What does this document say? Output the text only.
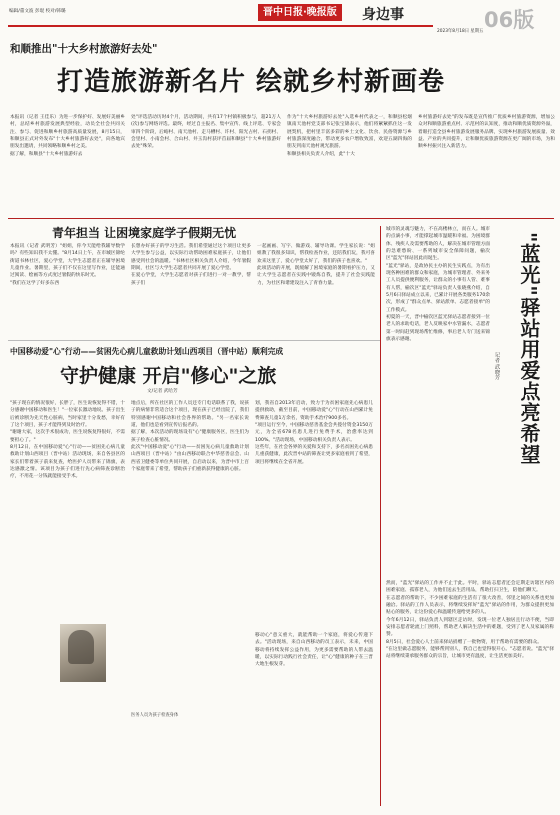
编辑/董文波 彭琨 校对/韩璐	晋中日报·晚报版	身边事	06版
2023年8月18日 星期五
和顺推出"十大乡村旅游好去处"
打造旅游新名片 绘就乡村新画卷
本报讯（记者 王佳乐）为进一步保护好、发展好美丽乡村，总结乡村旅游发展典型经验，动员全社会共同关注、参与、促进和顺乡村旅游高质量发展，8月15日，和顺县正式对外发布"十大乡村旅游好去处"，向各地宾朋发出邀请，共同领略和顺乡村之美。
据了解，和顺县"十大乡村旅游好去
处"评选活动历时4个月，活动期间，共有17个村镇积极参与，超21万人(次)参与网络评选。最终，经过自主报名、集中宣传、线上评选、专家会审四个阶段，后峪村、南天池村、走马槽村、许村、阳光占村、石拐村、会里村、小南会村、合山村、井玉沟村获评首届和顺县"十大乡村旅游好去处"殊荣。
作为"十大乡村旅游好去处"入选乡村代表之一，和顺县松烟镇南天池村党支部书记张宝锦表示，他们将紧紧抓住这一发展契机，把村里丰富多彩的乡土文化、饮食、民俗资源与乡村旅游深度融合，带动更多农户增收致富，欢迎五湖四海的朋友到南天池村观光旅游。
和顺县相关负责人介绍，此"十大
乡村旅游好去处"的发布既是宣传推广优质乡村旅游资源，增加公众对和顺旅游重点村、示范村的认知度，推动和顺优质资源外溢，着眼打造全县乡村旅游发展服务品牌，实现乡村旅游发展质量、效益、产业的共同提升，让和顺优质旅游资源在更广阔的市场，为和顺乡村振兴注入新活力。
青年担当 让困境家庭学子假期无忧
本报讯（记者 武明芳）"姐姐，你今天能给我辅导数学吗？有些知识我不太懂。"8月14日上午，在市城区锦纶街道书林社区，爱心学堂，大学生志愿者正在辅导困境儿童作业。暑期里，孩子们不仅在这里写作业，还能通过阅读、绘画等方式度过暑假的快乐时光。
"我们在这学了好多东西
长想办好孩子的学习生活。我们希望通过这个项目让更多大学生参与公益，以实际行动帮助困难家庭孩子，让他们感受到社会的温暖。"书林社区相关负责人介绍，今年暑假期间，社区与大学生志愿者共同开展了爱心学堂。
在爱心学堂，大学生志愿者对孩子们进行一对一教学，帮孩子们
一起画画、写字、做游戏、辅导功课。学生家长说："姐姐教了我很多知识，帮我检查作业，还陪我们玩，我可喜欢来这里了，爱心学堂太好了，我们的孩子也喜欢。"
此项活动的开展，既缓解了困境家庭的暑期看护压力，又让大学生志愿者在实践中锻炼自我，提升了社会实践能力，为社区和谐建设注入了青春力量。
中国移动爱"心"行动——贫困先心病儿童救助计划山西项目（晋中站）顺利完成
守护健康 开启"修心"之旅
文/记者 武哈芳
"孩子现在的情况很好，长胖了，医生说恢复得不错，十分感谢中国移动和医生！"一位家长激动地说。孩子出生后被诊断为先天性心脏病，当时家里十分发愁，幸好有了这个项目，孩子才能得到及时治疗。
"谢谢大家，这次手术很成功，医生说恢复得很好，不需要担心了。"
8月12日，在中国移动爱"心"行动——贫困先心病儿童救助计划山西项目（晋中站）活动现场，来自各县区的家长们带着孩子前来复查，给医护人员带来了锦旗，表达感激之情。该项目为孩子们进行先心病筛查诊断治疗，不用花一分钱就能接受手术。
地点后，所在社区的工作人员还专门电话联系了我，说孩子的病情非常适合这个项目，现在孩子已经出院了，我们特别感谢中国移动和社会各界的帮助。"另一名家长说道，他们也是看到宣传后报名的。
据了解，本次活动的现场设有"心"健康服务区，医生们为孩子检查心脏情况。
此次"中国移动爱"心"行动——贫困先心病儿童救助计划山西项目（晋中站）"由山西移动联合中华慈善总会、山西省卫健委等单位共同开展，自启动以来，为晋中市上百个家庭带来了希望，帮助孩子们重新获得健康的心脏。
划，我省自2013年启动，致力于为贫困家庭先心病患儿提供救助，截至目前，中国移动爱"心"行动在山西累计免费筛查儿童1万余名，资助手术治疗900多名。
"项目运行至今，中国移动慈善基金会共拨付资金3150万元，为全省678名患儿进行免费手术，治愈率达到100%。"活动现场，中国移动相关负责人表示。
这些年，在社会各界的关爱和支持下，多名贫困先心病患儿重获健康，此次晋中站的筛查让更多家庭看到了希望，项目将继续在全省开展。
移动心"意义重大，就能帮助一个家庭，将爱心传递下去。"活动现场，来自山西移动的员工表示，未来，中国移动将持续发挥公益作用，为更多需要帮助的人带去温暖，以实际行动践行社会责任，让"心"健康的种子在三晋大地生根发芽。
医务人员为孩子检查身体
城市的灵魂与魅力，不在高楼林立，而在人。城市的点滴小事，才能撑起城市温暖和幸福。为困境群体、残疾人及需要帮助的人，解决在城市管理方面的急难愁盼、一系列城市安全保障问题，榆次区"蓝光"驿站因此而诞生。
"蓝光"驿站，是政协民主办的民生实践点，为有出现各种困难的群众和家庭，为城市管理者、外来务工人员提供便利服务，让群众的小事有人管、难事有人帮，榆次区"蓝光"驿站负责人张晓燕介绍，自5月6日驿站成立以来，已累计开展各类服务170余次，形成了"群众点单、驿站派单、志愿者接单"的工作模式。
初夏的一天，晋中榆次区蓝光驿站志愿者接到一位老人的求助电话，老人反映家中水管漏水，志愿者第一时间赶到现场帮忙维修，事后老人专门送来锦旗表示感谢。
记者 武晓芳 "蓝光"驿站用爱点亮希望
然而，"蓝光"驿站的工作并不止于此。平时，驿站志愿者还会定期走访辖区内的困难家庭、孤寡老人，为他们送去生活用品，帮助打扫卫生，陪他们聊天。
在志愿者的帮助下，不少困难家庭的生活有了很大改善，邻里之间的关系也更加融洽。驿站的工作人员表示，将继续发挥好"蓝光"驿站的作用，为群众提供更加贴心的服务，让这份爱心和温暖传递给更多的人。
今年6月12日，驿站负责人到辖区走访时，发现一位老人独居且行动不便，当即安排志愿者轮流上门照料，帮助老人解决生活中的难题，受到了老人及家属的称赞。
8月5日，社会爱心人士前来驿站捐赠了一批物资，用于帮助有需要的群众。
"在这里做志愿服务，能够帮到别人，我自己也觉得很开心。"志愿者说。"蓝光"驿站将继续秉承服务群众的宗旨，让城市更有温度，让生活更加美好。
